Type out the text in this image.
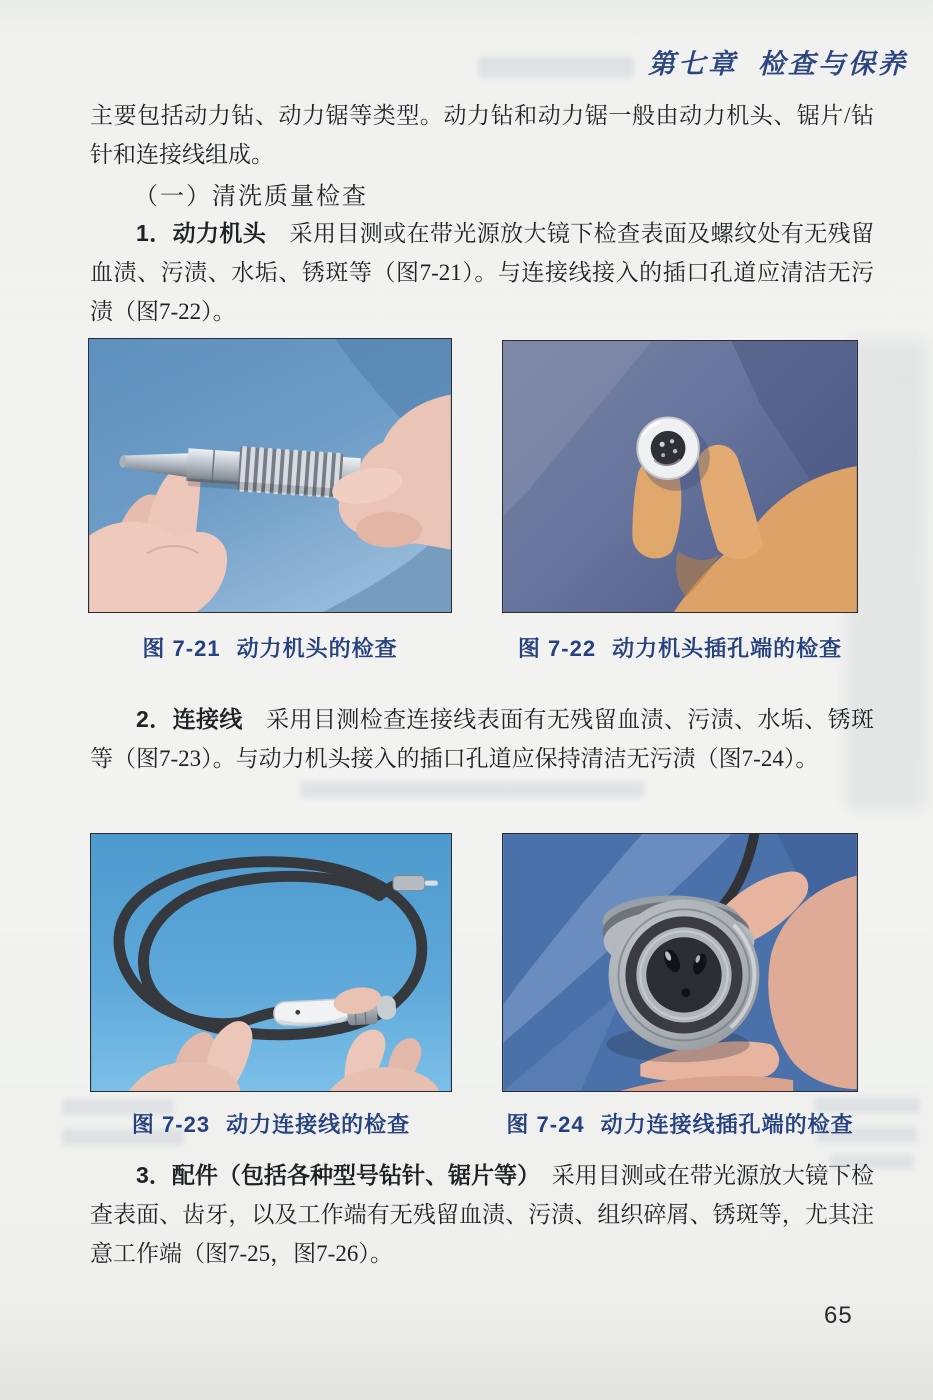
第七章 检查与保养

主要包括动力钻、动力锯等类型。动力钻和动力锯一般由动力机头、锯片/钻针和连接线组成。

（一）清洗质量检查

1．动力机头　采用目测或在带光源放大镜下检查表面及螺纹处有无残留血渍、污渍、水垢、锈斑等（图7-21）。与连接线接入的插口孔道应清洁无污渍（图7-22）。

图 7-21 动力机头的检查	图 7-22 动力机头插孔端的检查

2．连接线　采用目测检查连接线表面有无残留血渍、污渍、水垢、锈斑等（图7-23）。与动力机头接入的插口孔道应保持清洁无污渍（图7-24）。

图 7-23 动力连接线的检查	图 7-24 动力连接线插孔端的检查

3．配件（包括各种型号钻针、锯片等）　采用目测或在带光源放大镜下检查表面、齿牙，以及工作端有无残留血渍、污渍、组织碎屑、锈斑等，尤其注意工作端（图7-25，图7-26）。

65
